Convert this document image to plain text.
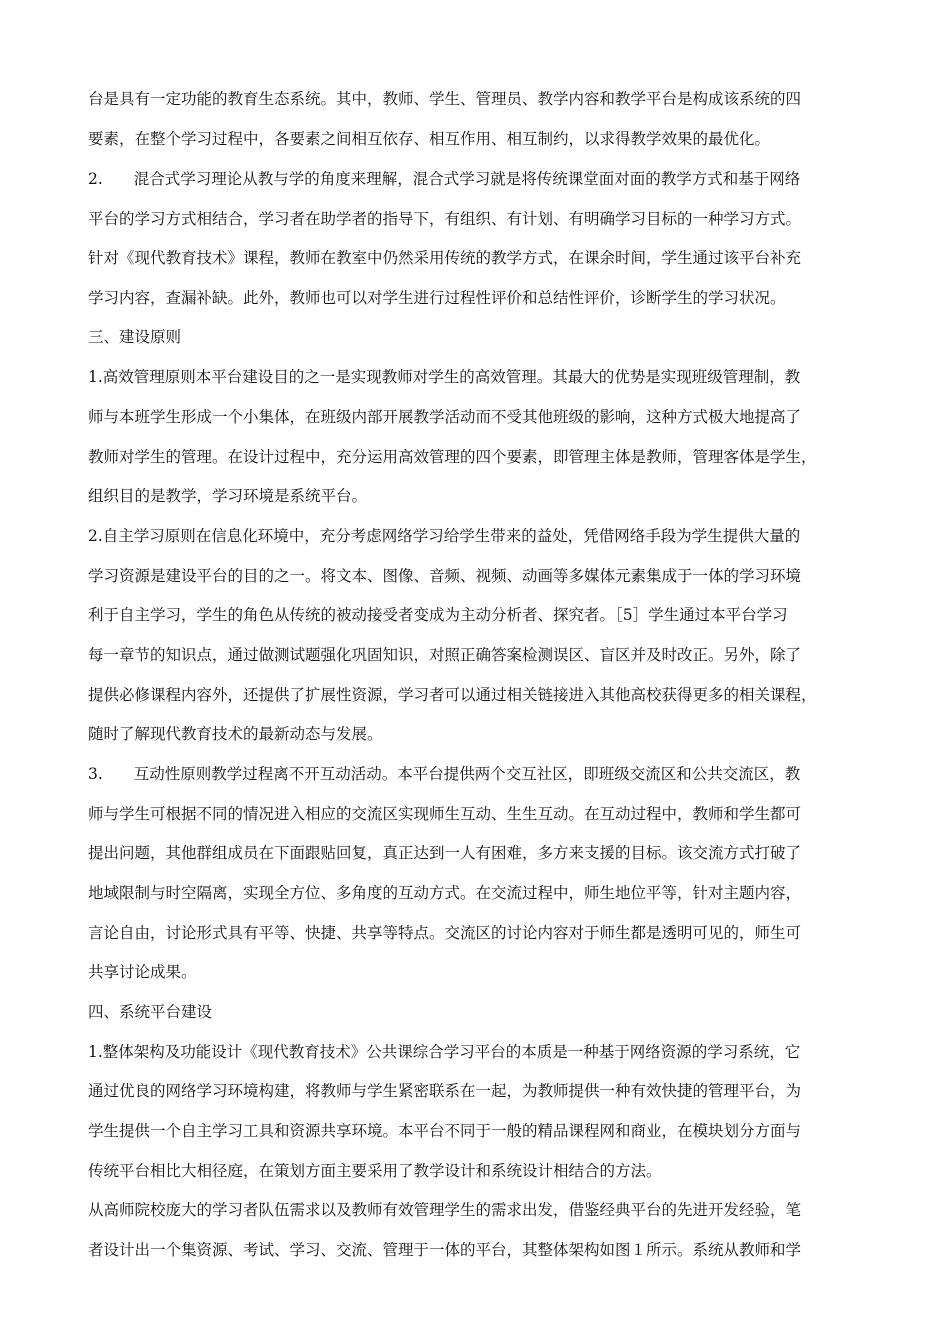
台是具有一定功能的教育生态系统。其中，教师、学生、管理员、教学内容和教学平台是构成该系统的四
要素，在整个学习过程中，各要素之间相互依存、相互作用、相互制约，以求得教学效果的最优化。
2.　　混合式学习理论从教与学的角度来理解，混合式学习就是将传统课堂面对面的教学方式和基于网络
平台的学习方式相结合，学习者在助学者的指导下，有组织、有计划、有明确学习目标的一种学习方式。
针对《现代教育技术》课程，教师在教室中仍然采用传统的教学方式，在课余时间，学生通过该平台补充
学习内容，查漏补缺。此外，教师也可以对学生进行过程性评价和总结性评价，诊断学生的学习状况。
三、建设原则
1.高效管理原则本平台建设目的之一是实现教师对学生的高效管理。其最大的优势是实现班级管理制，教
师与本班学生形成一个小集体，在班级内部开展教学活动而不受其他班级的影响，这种方式极大地提高了
教师对学生的管理。在设计过程中，充分运用高效管理的四个要素，即管理主体是教师，管理客体是学生，
组织目的是教学，学习环境是系统平台。
2.自主学习原则在信息化环境中，充分考虑网络学习给学生带来的益处，凭借网络手段为学生提供大量的
学习资源是建设平台的目的之一。将文本、图像、音频、视频、动画等多媒体元素集成于一体的学习环境
利于自主学习，学生的角色从传统的被动接受者变成为主动分析者、探究者。［5］学生通过本平台学习
每一章节的知识点，通过做测试题强化巩固知识，对照正确答案检测误区、盲区并及时改正。另外，除了
提供必修课程内容外，还提供了扩展性资源，学习者可以通过相关链接进入其他高校获得更多的相关课程，
随时了解现代教育技术的最新动态与发展。
3.　　互动性原则教学过程离不开互动活动。本平台提供两个交互社区，即班级交流区和公共交流区，教
师与学生可根据不同的情况进入相应的交流区实现师生互动、生生互动。在互动过程中，教师和学生都可
提出问题，其他群组成员在下面跟贴回复，真正达到一人有困难，多方来支援的目标。该交流方式打破了
地域限制与时空隔离，实现全方位、多角度的互动方式。在交流过程中，师生地位平等，针对主题内容，
言论自由，讨论形式具有平等、快捷、共享等特点。交流区的讨论内容对于师生都是透明可见的，师生可
共享讨论成果。
四、系统平台建设
1.整体架构及功能设计《现代教育技术》公共课综合学习平台的本质是一种基于网络资源的学习系统，它
通过优良的网络学习环境构建，将教师与学生紧密联系在一起，为教师提供一种有效快捷的管理平台，为
学生提供一个自主学习工具和资源共享环境。本平台不同于一般的精品课程网和商业，在模块划分方面与
传统平台相比大相径庭，在策划方面主要采用了教学设计和系统设计相结合的方法。
从高师院校庞大的学习者队伍需求以及教师有效管理学生的需求出发，借鉴经典平台的先进开发经验，笔
者设计出一个集资源、考试、学习、交流、管理于一体的平台，其整体架构如图１所示。系统从教师和学
